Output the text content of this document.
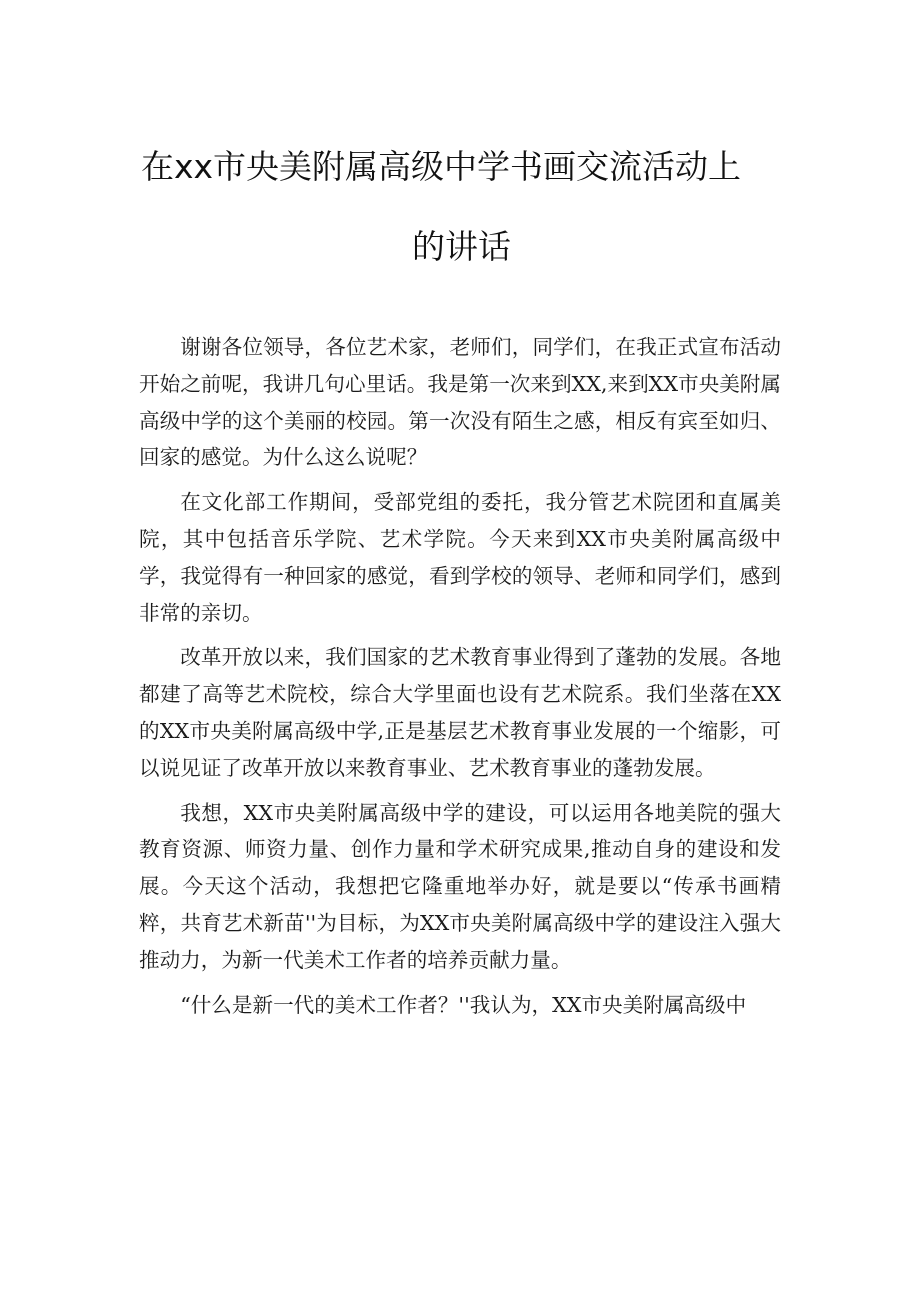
在xx市央美附属高级中学书画交流活动上
的讲话

谢谢各位领导，各位艺术家，老师们，同学们，在我正式宣布活动开始之前呢，我讲几句心里话。我是第一次来到XX,来到XX市央美附属高级中学的这个美丽的校园。第一次没有陌生之感，相反有宾至如归、回家的感觉。为什么这么说呢？

在文化部工作期间，受部党组的委托，我分管艺术院团和直属美院，其中包括音乐学院、艺术学院。今天来到XX市央美附属高级中学，我觉得有一种回家的感觉，看到学校的领导、老师和同学们，感到非常的亲切。

改革开放以来，我们国家的艺术教育事业得到了蓬勃的发展。各地都建了高等艺术院校，综合大学里面也设有艺术院系。我们坐落在XX的XX市央美附属高级中学,正是基层艺术教育事业发展的一个缩影，可以说见证了改革开放以来教育事业、艺术教育事业的蓬勃发展。

我想，XX市央美附属高级中学的建设，可以运用各地美院的强大教育资源、师资力量、创作力量和学术研究成果,推动自身的建设和发展。今天这个活动，我想把它隆重地举办好，就是要以“传承书画精粹，共育艺术新苗''为目标，为XX市央美附属高级中学的建设注入强大推动力，为新一代美术工作者的培养贡献力量。

“什么是新一代的美术工作者？''我认为，XX市央美附属高级中
